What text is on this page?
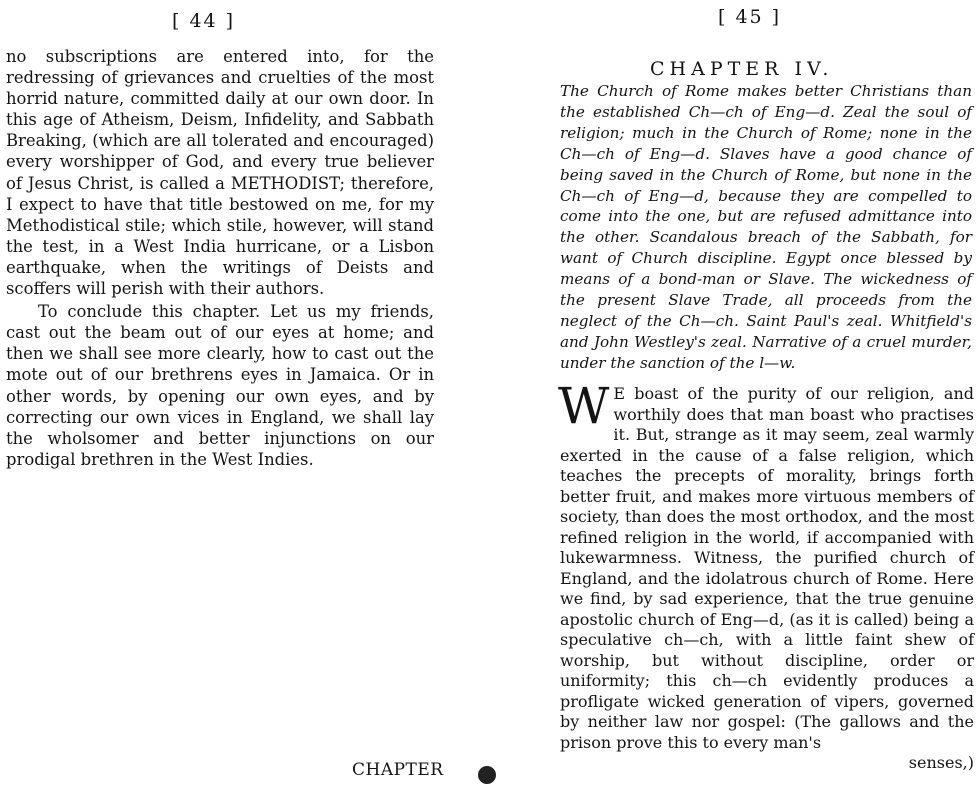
[ 44 ]

no subscriptions are entered into, for the redressing of grievances and cruelties of the most horrid nature, committed daily at our own door. In this age of Atheism, Deism, Infidelity, and Sabbath Breaking, (which are all tolerated and encouraged) every worshipper of God, and every true believer of Jesus Christ, is called a METHODIST; therefore, I expect to have that title bestowed on me, for my Methodistical stile; which stile, however, will stand the test, in a West India hurricane, or a Lisbon earthquake, when the writings of Deists and scoffers will perish with their authors.

To conclude this chapter. Let us my friends, cast out the beam out of our eyes at home; and then we shall see more clearly, how to cast out the mote out of our brethrens eyes in Jamaica. Or in other words, by opening our own eyes, and by correcting our own vices in England, we shall lay the wholsomer and better injunctions on our prodigal brethren in the West Indies.

CHAPTER
[ 45 ]
CHAPTER IV.
The Church of Rome makes better Christians than the established Ch—ch of Eng—d. Zeal the soul of religion; much in the Church of Rome; none in the Ch—ch of Eng—d. Slaves have a good chance of being saved in the Church of Rome, but none in the Ch—ch of Eng—d, because they are compelled to come into the one, but are refused admittance into the other. Scandalous breach of the Sabbath, for want of Church discipline. Egypt once blessed by means of a bond-man or Slave. The wickedness of the present Slave Trade, all proceeds from the neglect of the Ch—ch. Saint Paul's zeal. Whitfield's and John Westley's zeal. Narrative of a cruel murder, under the sanction of the l—w.
W E boast of the purity of our religion, and worthily does that man boast who practises it. But, strange as it may seem, zeal warmly exerted in the cause of a false religion, which teaches the precepts of morality, brings forth better fruit, and makes more virtuous members of society, than does the most orthodox, and the most refined religion in the world, if accompanied with lukewarmness. Witness, the purified church of England, and the idolatrous church of Rome. Here we find, by sad experience, that the true genuine apostolic church of Eng—d, (as it is called) being a speculative ch—ch, with a little faint shew of worship, but without discipline, order or uniformity; this ch—ch evidently produces a profligate wicked generation of vipers, governed by neither law nor gospel: (The gallows and the prison prove this to every man's
senses,)
